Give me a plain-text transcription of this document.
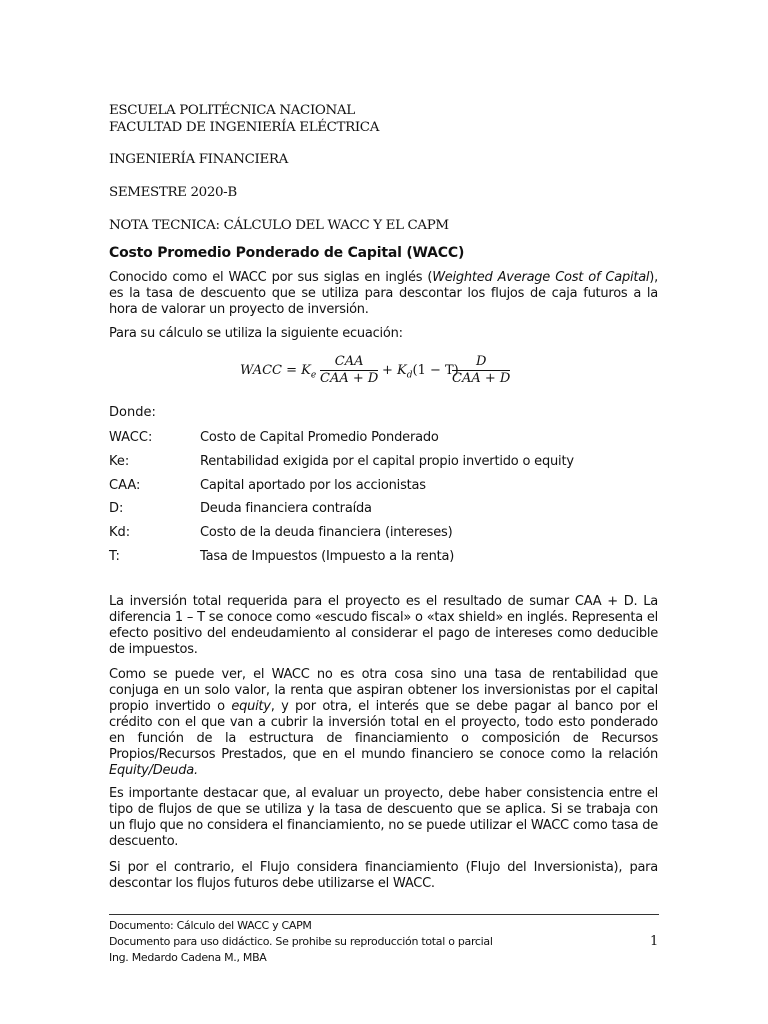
ESCUELA POLITÉCNICA NACIONAL
FACULTAD DE INGENIERÍA ELÉCTRICA
INGENIERÍA FINANCIERA
SEMESTRE 2020-B
NOTA TECNICA: CÁLCULO DEL WACC Y EL CAPM
Costo Promedio Ponderado de Capital (WACC)
Conocido como el WACC por sus siglas en inglés (Weighted Average Cost of Capital), es la tasa de descuento que se utiliza para descontar los flujos de caja futuros a la hora de valorar un proyecto de inversión.
Para su cálculo se utiliza la siguiente ecuación:
WACC = $K_e$
CAA
CAA + D
+ $K_d(1 - T)$
D
CAA + D
Donde:
WACC:	Costo de Capital Promedio Ponderado
Ke:	Rentabilidad exigida por el capital propio invertido o equity
CAA:	Capital aportado por los accionistas
D:	Deuda financiera contraída
Kd:	Costo de la deuda financiera (intereses)
T:	Tasa de Impuestos (Impuesto a la renta)
La inversión total requerida para el proyecto es el resultado de sumar CAA + D. La diferencia 1 – T se conoce como «escudo fiscal» o «tax shield» en inglés. Representa el efecto positivo del endeudamiento al considerar el pago de intereses como deducible de impuestos.
Como se puede ver, el WACC no es otra cosa sino una tasa de rentabilidad que conjuga en un solo valor, la renta que aspiran obtener los inversionistas por el capital propio invertido o equity, y por otra, el interés que se debe pagar al banco por el crédito con el que van a cubrir la inversión total en el proyecto, todo esto ponderado en función de la estructura de financiamiento o composición de Recursos Propios/Recursos Prestados, que en el mundo financiero se conoce como la relación Equity/Deuda.
Es importante destacar que, al evaluar un proyecto, debe haber consistencia entre el tipo de flujos de que se utiliza y la tasa de descuento que se aplica. Si se trabaja con un flujo que no considera el financiamiento, no se puede utilizar el WACC como tasa de descuento.
Si por el contrario, el Flujo considera financiamiento (Flujo del Inversionista), para descontar los flujos futuros debe utilizarse el WACC.
Documento: Cálculo del WACC y CAPM
Documento para uso didáctico. Se prohibe su reproducción total o parcial
Ing. Medardo Cadena M., MBA
1
